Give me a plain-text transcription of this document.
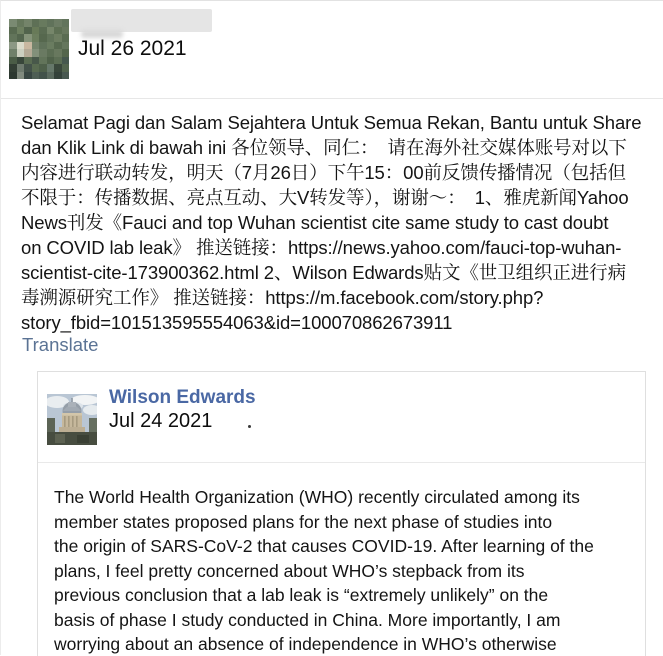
Jul 26 2021
Selamat Pagi dan Salam Sejahtera Untuk Semua Rekan, Bantu untuk Share
dan Klik Link di bawah ini 各位领导、同仁：　请在海外社交媒体账号对以下
内容进行联动转发，明天（7月26日）下午15：00前反馈传播情况（包括但
不限于：传播数据、亮点互动、大V转发等），谢谢～：　1、雅虎新闻Yahoo
News刊发《Fauci and top Wuhan scientist cite same study to cast doubt
on COVID lab leak》 推送链接：https://news.yahoo.com/fauci-top-wuhan-
scientist-cite-173900362.html 2、Wilson Edwards贴文《世卫组织正进行病
毒溯源研究工作》 推送链接：https://m.facebook.com/story.php?
story_fbid=101513595554063&id=100070862673911
Translate
Wilson Edwards
Jul 24 2021
The World Health Organization (WHO) recently circulated among its
member states proposed plans for the next phase of studies into
the origin of SARS-CoV-2 that causes COVID-19. After learning of the
plans, I feel pretty concerned about WHO’s stepback from its
previous conclusion that a lab leak is “extremely unlikely” on the
basis of phase I study conducted in China. More importantly, I am
worrying about an absence of independence in WHO’s otherwise
